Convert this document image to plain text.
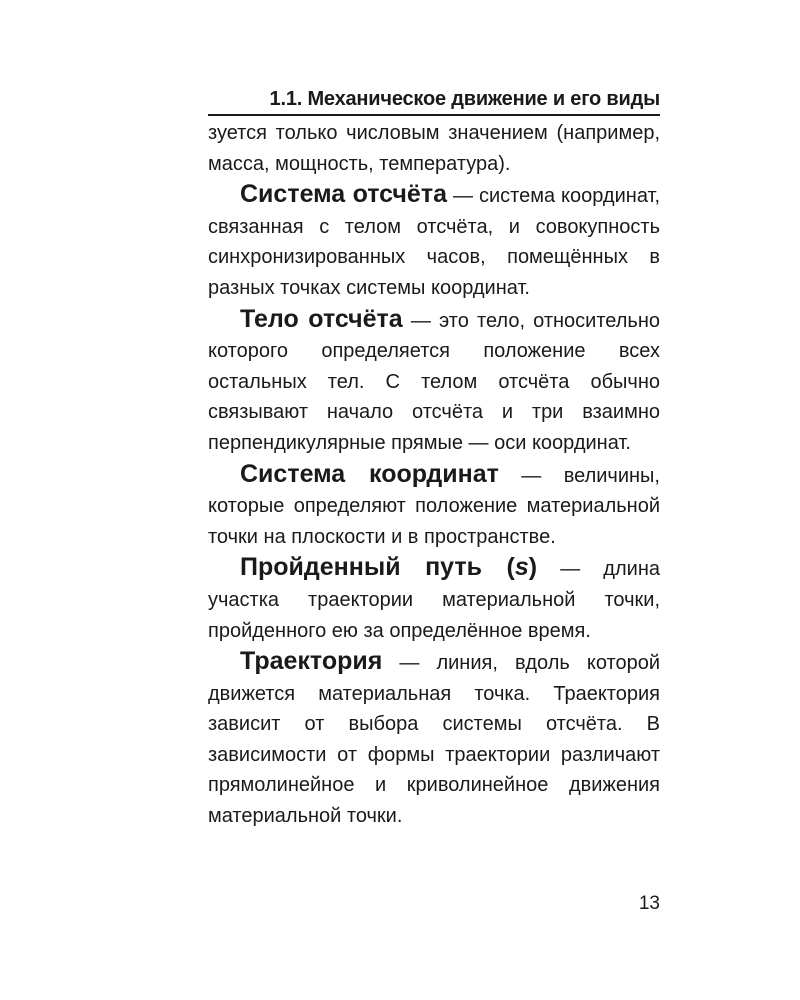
1.1. Механическое движение и его виды

зуется только числовым значением (например, масса, мощность, температура).

Система отсчёта — система координат, связанная с телом отсчёта, и совокупность синхронизированных часов, помещённых в разных точках системы координат.

Тело отсчёта — это тело, относительно которого определяется положение всех остальных тел. С телом отсчёта обычно связывают начало отсчёта и три взаимно перпендикулярные прямые — оси координат.

Система координат — величины, которые определяют положение материальной точки на плоскости и в пространстве.

Пройденный путь (s) — длина участка траектории материальной точки, пройденного ею за определённое время.

Траектория — линия, вдоль которой движется материальная точка. Траектория зависит от выбора системы отсчёта. В зависимости от формы траектории различают прямолинейное и криволинейное движения материальной точки.

13
